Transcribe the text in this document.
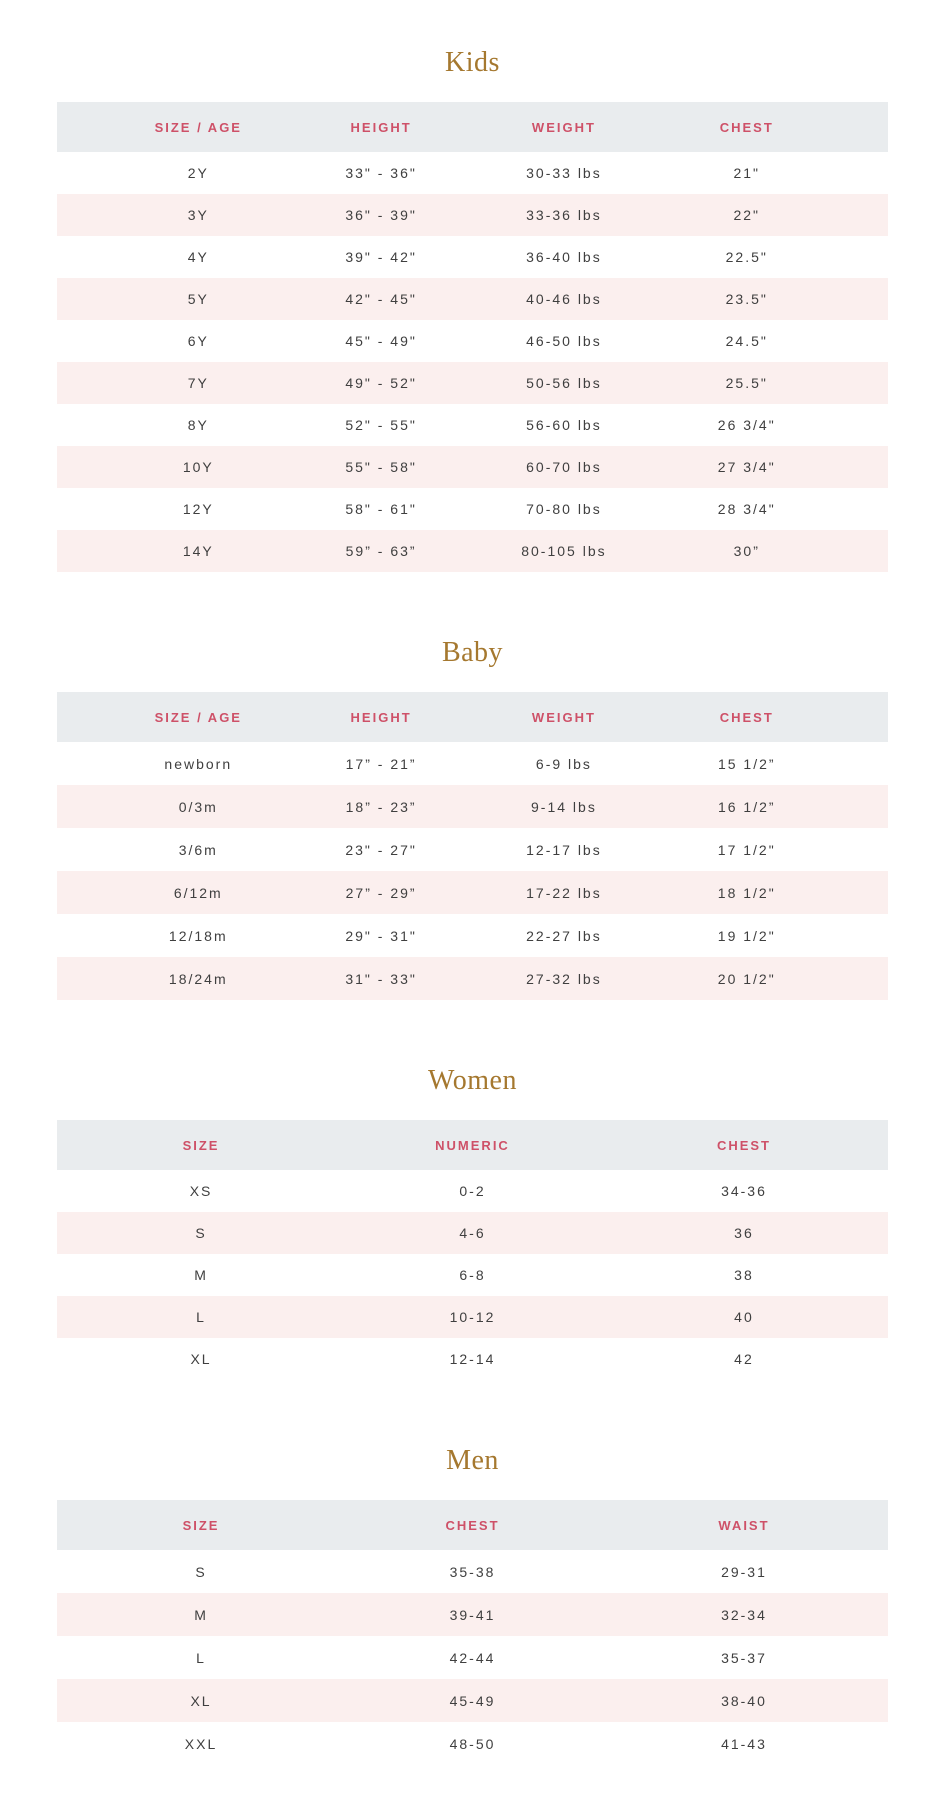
Kids
SIZE / AGE	HEIGHT	WEIGHT	CHEST
2Y	33" - 36"	30-33 lbs	21"
3Y	36" - 39"	33-36 lbs	22"
4Y	39" - 42"	36-40 lbs	22.5"
5Y	42" - 45"	40-46 lbs	23.5"
6Y	45" - 49"	46-50 lbs	24.5"
7Y	49" - 52"	50-56 lbs	25.5"
8Y	52" - 55"	56-60 lbs	26 3/4"
10Y	55" - 58"	60-70 lbs	27 3/4"
12Y	58" - 61"	70-80 lbs	28 3/4"
14Y	59” - 63”	80-105 lbs	30”
Baby
SIZE / AGE	HEIGHT	WEIGHT	CHEST
newborn	17” - 21”	6-9 lbs	15 1/2”
0/3m	18” - 23”	9-14 lbs	16 1/2”
3/6m	23" - 27"	12-17 lbs	17 1/2"
6/12m	27” - 29”	17-22 lbs	18 1/2"
12/18m	29" - 31"	22-27 lbs	19 1/2"
18/24m	31" - 33"	27-32 lbs	20 1/2"
Women
SIZE	NUMERIC	CHEST
XS	0-2	34-36
S	4-6	36
M	6-8	38
L	10-12	40
XL	12-14	42
Men
SIZE	CHEST	WAIST
S	35-38	29-31
M	39-41	32-34
L	42-44	35-37
XL	45-49	38-40
XXL	48-50	41-43
